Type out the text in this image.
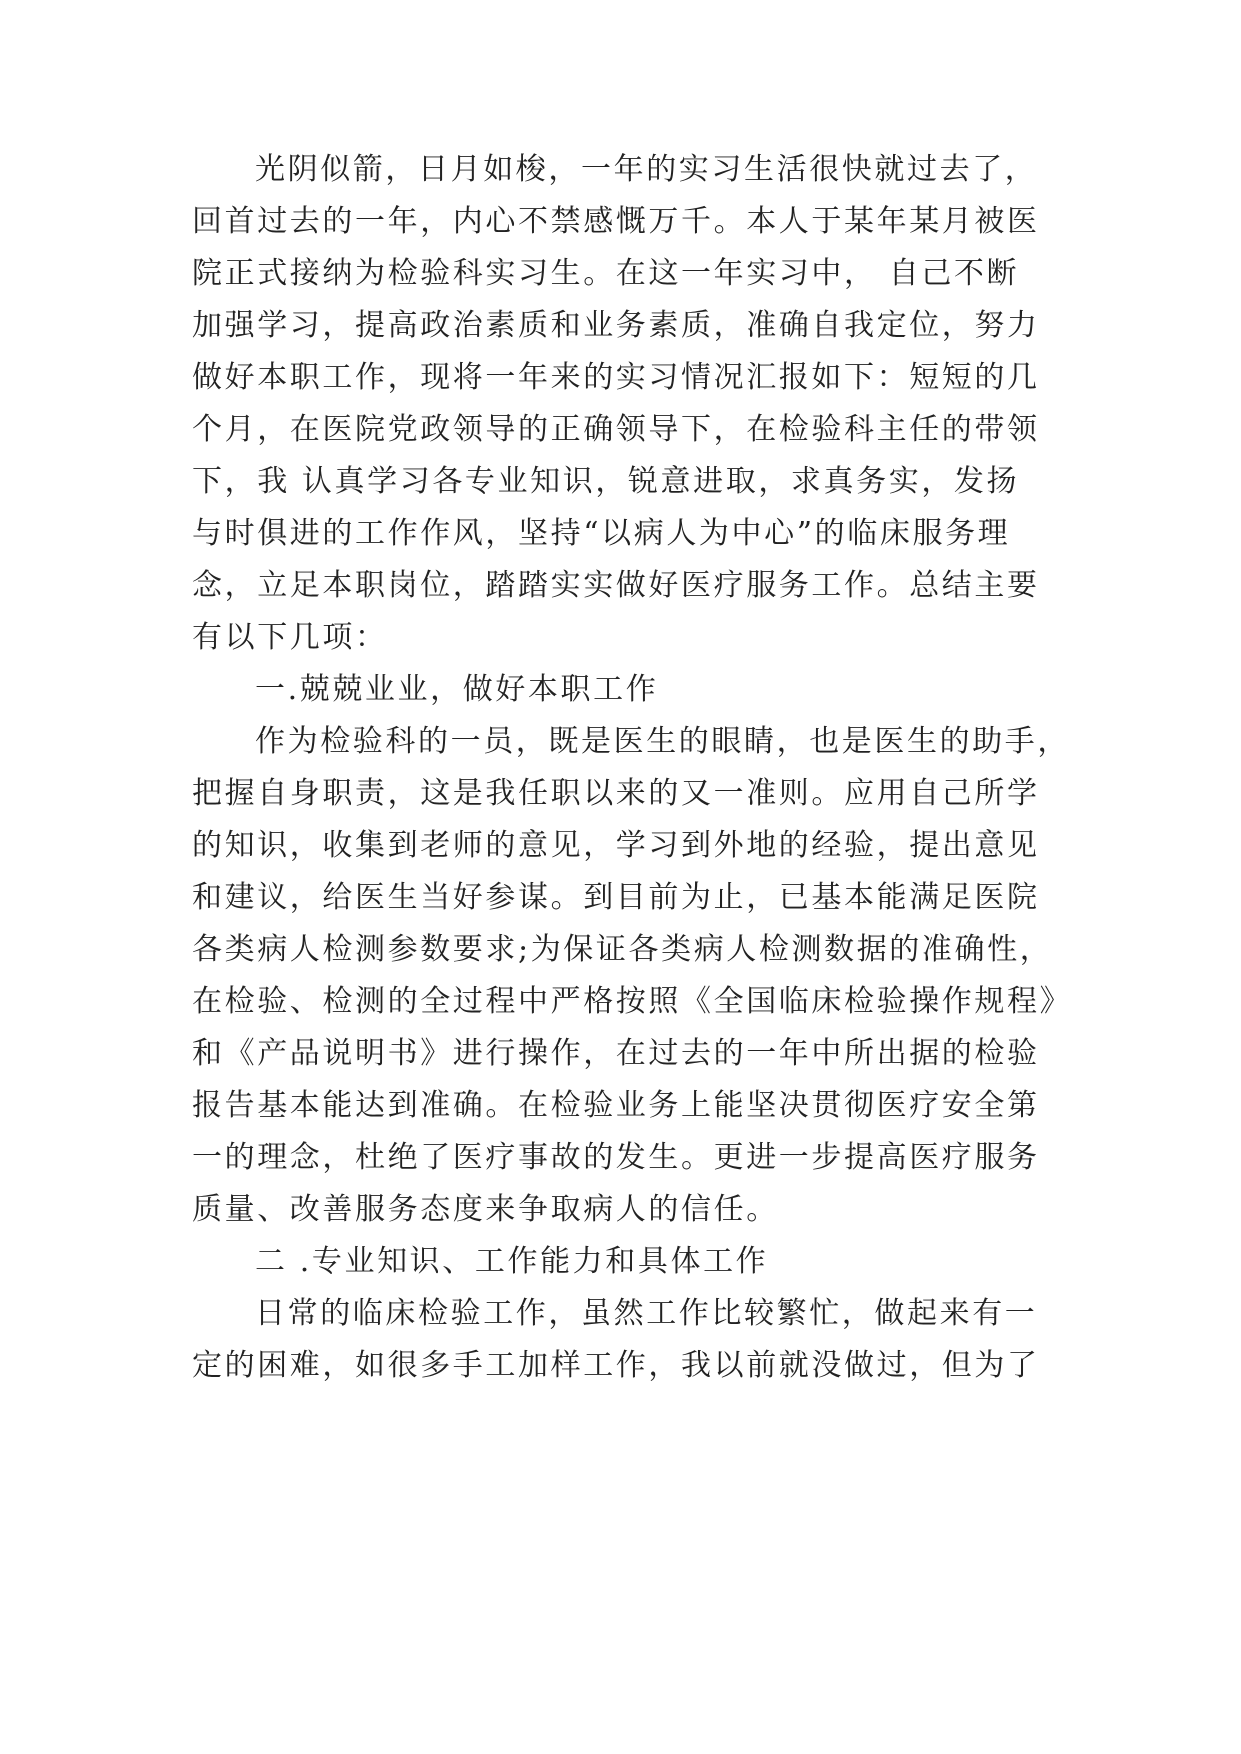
光阴似箭，日月如梭，一年的实习生活很快就过去了，
回首过去的一年，内心不禁感慨万千。本人于某年某月被医
院正式接纳为检验科实习生。在这一年实习中， 自己不断
加强学习，提高政治素质和业务素质，准确自我定位，努力
做好本职工作，现将一年来的实习情况汇报如下：短短的几
个月，在医院党政领导的正确领导下，在检验科主任的带领
下，我 认真学习各专业知识，锐意进取，求真务实，发扬
与时俱进的工作作风，坚持“以病人为中心”的临床服务理
念，立足本职岗位，踏踏实实做好医疗服务工作。总结主要
有以下几项：
一.兢兢业业，做好本职工作
作为检验科的一员，既是医生的眼睛，也是医生的助手，
把握自身职责，这是我任职以来的又一准则。应用自己所学
的知识，收集到老师的意见，学习到外地的经验，提出意见
和建议，给医生当好参谋。到目前为止，已基本能满足医院
各类病人检测参数要求;为保证各类病人检测数据的准确性，
在检验、检测的全过程中严格按照《全国临床检验操作规程》
和《产品说明书》进行操作，在过去的一年中所出据的检验
报告基本能达到准确。在检验业务上能坚决贯彻医疗安全第
一的理念，杜绝了医疗事故的发生。更进一步提高医疗服务
质量、改善服务态度来争取病人的信任。
二 .专业知识、工作能力和具体工作
日常的临床检验工作，虽然工作比较繁忙，做起来有一
定的困难，如很多手工加样工作，我以前就没做过，但为了
